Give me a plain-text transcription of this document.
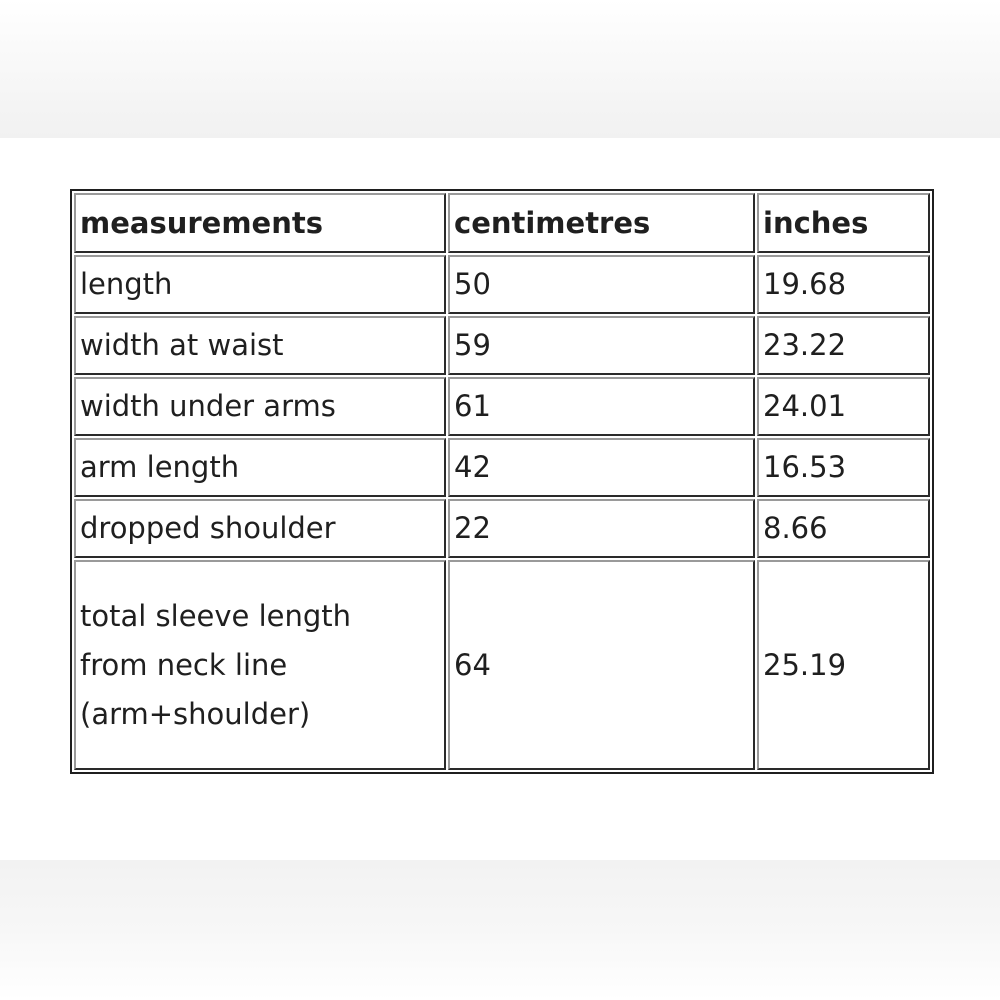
measurements	centimetres	inches
length	50	19.68
width at waist	59	23.22
width under arms	61	24.01
arm length	42	16.53
dropped shoulder	22	8.66
total sleeve length
from neck line
(arm+shoulder)	64	25.19
